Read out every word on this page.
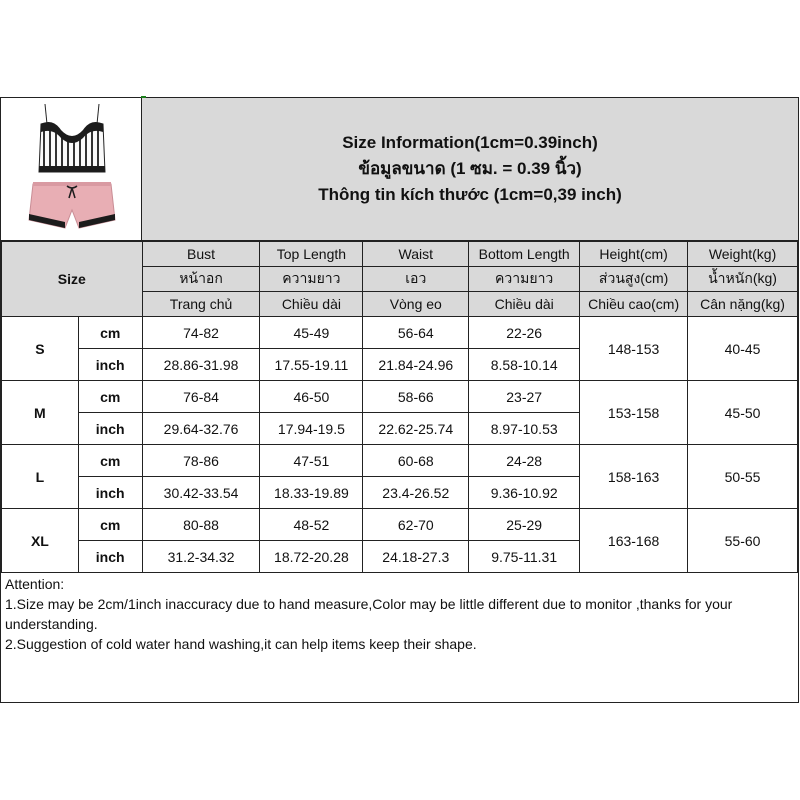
Size Information(1cm=0.39inch)
ข้อมูลขนาด (1 ซม. = 0.39 นิ้ว)
Thông tin kích thước (1cm=0,39 inch)
Size		Bust	Top Length	Waist	Bottom Length	Height(cm)	Weight(kg)
		หน้าอก	ความยาว	เอว	ความยาว	ส่วนสูง(cm)	น้ำหนัก(kg)
		Trang chủ	Chiều dài	Vòng eo	Chiều dài	Chiều cao(cm)	Cân nặng(kg)
S	cm	74-82	45-49	56-64	22-26	148-153	40-45
	inch	28.86-31.98	17.55-19.11	21.84-24.96	8.58-10.14		
M	cm	76-84	46-50	58-66	23-27	153-158	45-50
	inch	29.64-32.76	17.94-19.5	22.62-25.74	8.97-10.53		
L	cm	78-86	47-51	60-68	24-28	158-163	50-55
	inch	30.42-33.54	18.33-19.89	23.4-26.52	9.36-10.92		
XL	cm	80-88	48-52	62-70	25-29	163-168	55-60
	inch	31.2-34.32	18.72-20.28	24.18-27.3	9.75-11.31		

Attention:

1.Size may be 2cm/1inch inaccuracy due to hand measure,Color may be little different due to monitor ,thanks for your understanding.

2.Suggestion of cold water hand washing,it can help items keep their shape.
